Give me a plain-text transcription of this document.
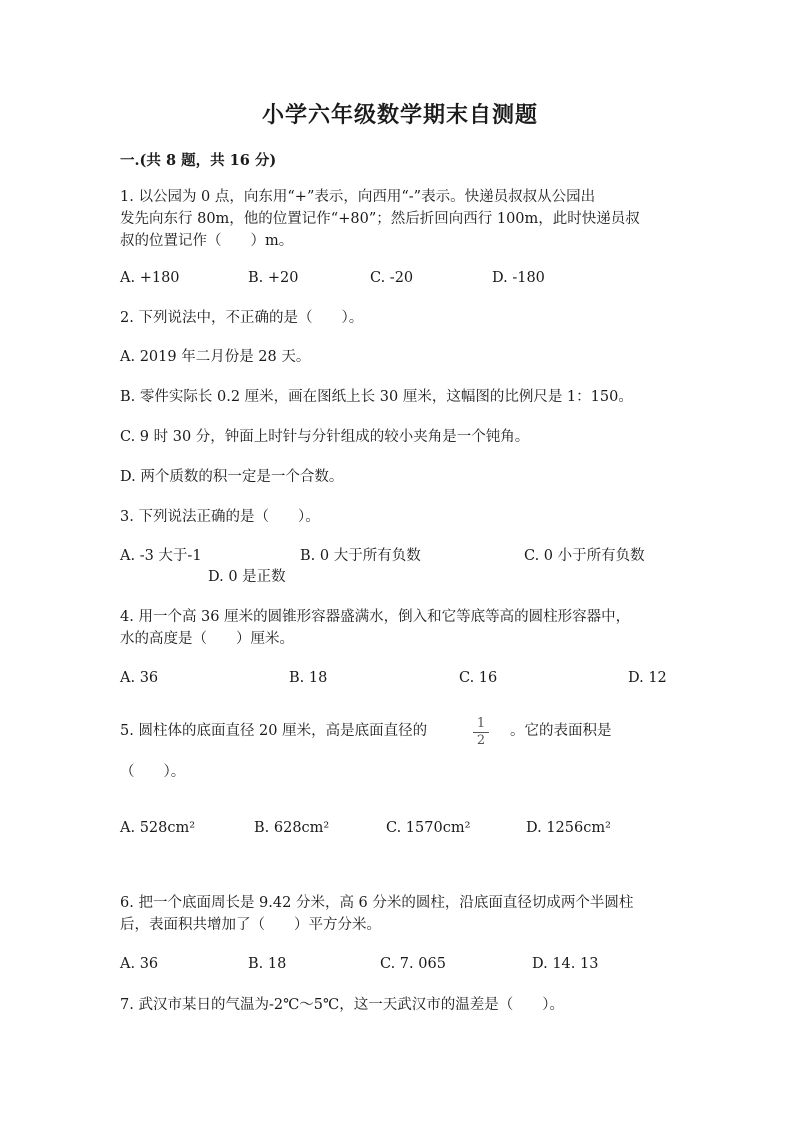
小学六年级数学期末自测题
一.(共 8 题，共 16 分)
1. 以公园为 0 点，向东用“+”表示，向西用“-”表示。快递员叔叔从公园出
发先向东行 80m，他的位置记作“+80”；然后折回向西行 100m，此时快递员叔
叔的位置记作（　　）m。
A. +180	B. +20	C. -20	D. -180
2. 下列说法中，不正确的是（　　）。
A. 2019 年二月份是 28 天。
B. 零件实际长 0.2 厘米，画在图纸上长 30 厘米，这幅图的比例尺是 1：150。
C. 9 时 30 分，钟面上时针与分针组成的较小夹角是一个钝角。
D. 两个质数的积一定是一个合数。
3. 下列说法正确的是（　　）。
A. -3 大于-1	B. 0 大于所有负数	C. 0 小于所有负数
D. 0 是正数
4. 用一个高 36 厘米的圆锥形容器盛满水，倒入和它等底等高的圆柱形容器中，
水的高度是（　　）厘米。
A. 36	B. 18	C. 16	D. 12
5. 圆柱体的底面直径 20 厘米，高是底面直径的	1
2
。它的表面积是
（　　）。
A. 528cm²	B. 628cm²	C. 1570cm²	D. 1256cm²
6. 把一个底面周长是 9.42 分米，高 6 分米的圆柱，沿底面直径切成两个半圆柱
后，表面积共增加了（　　）平方分米。
A. 36	B. 18	C. 7. 065	D. 14. 13
7. 武汉市某日的气温为-2℃～5℃，这一天武汉市的温差是（　　）。
